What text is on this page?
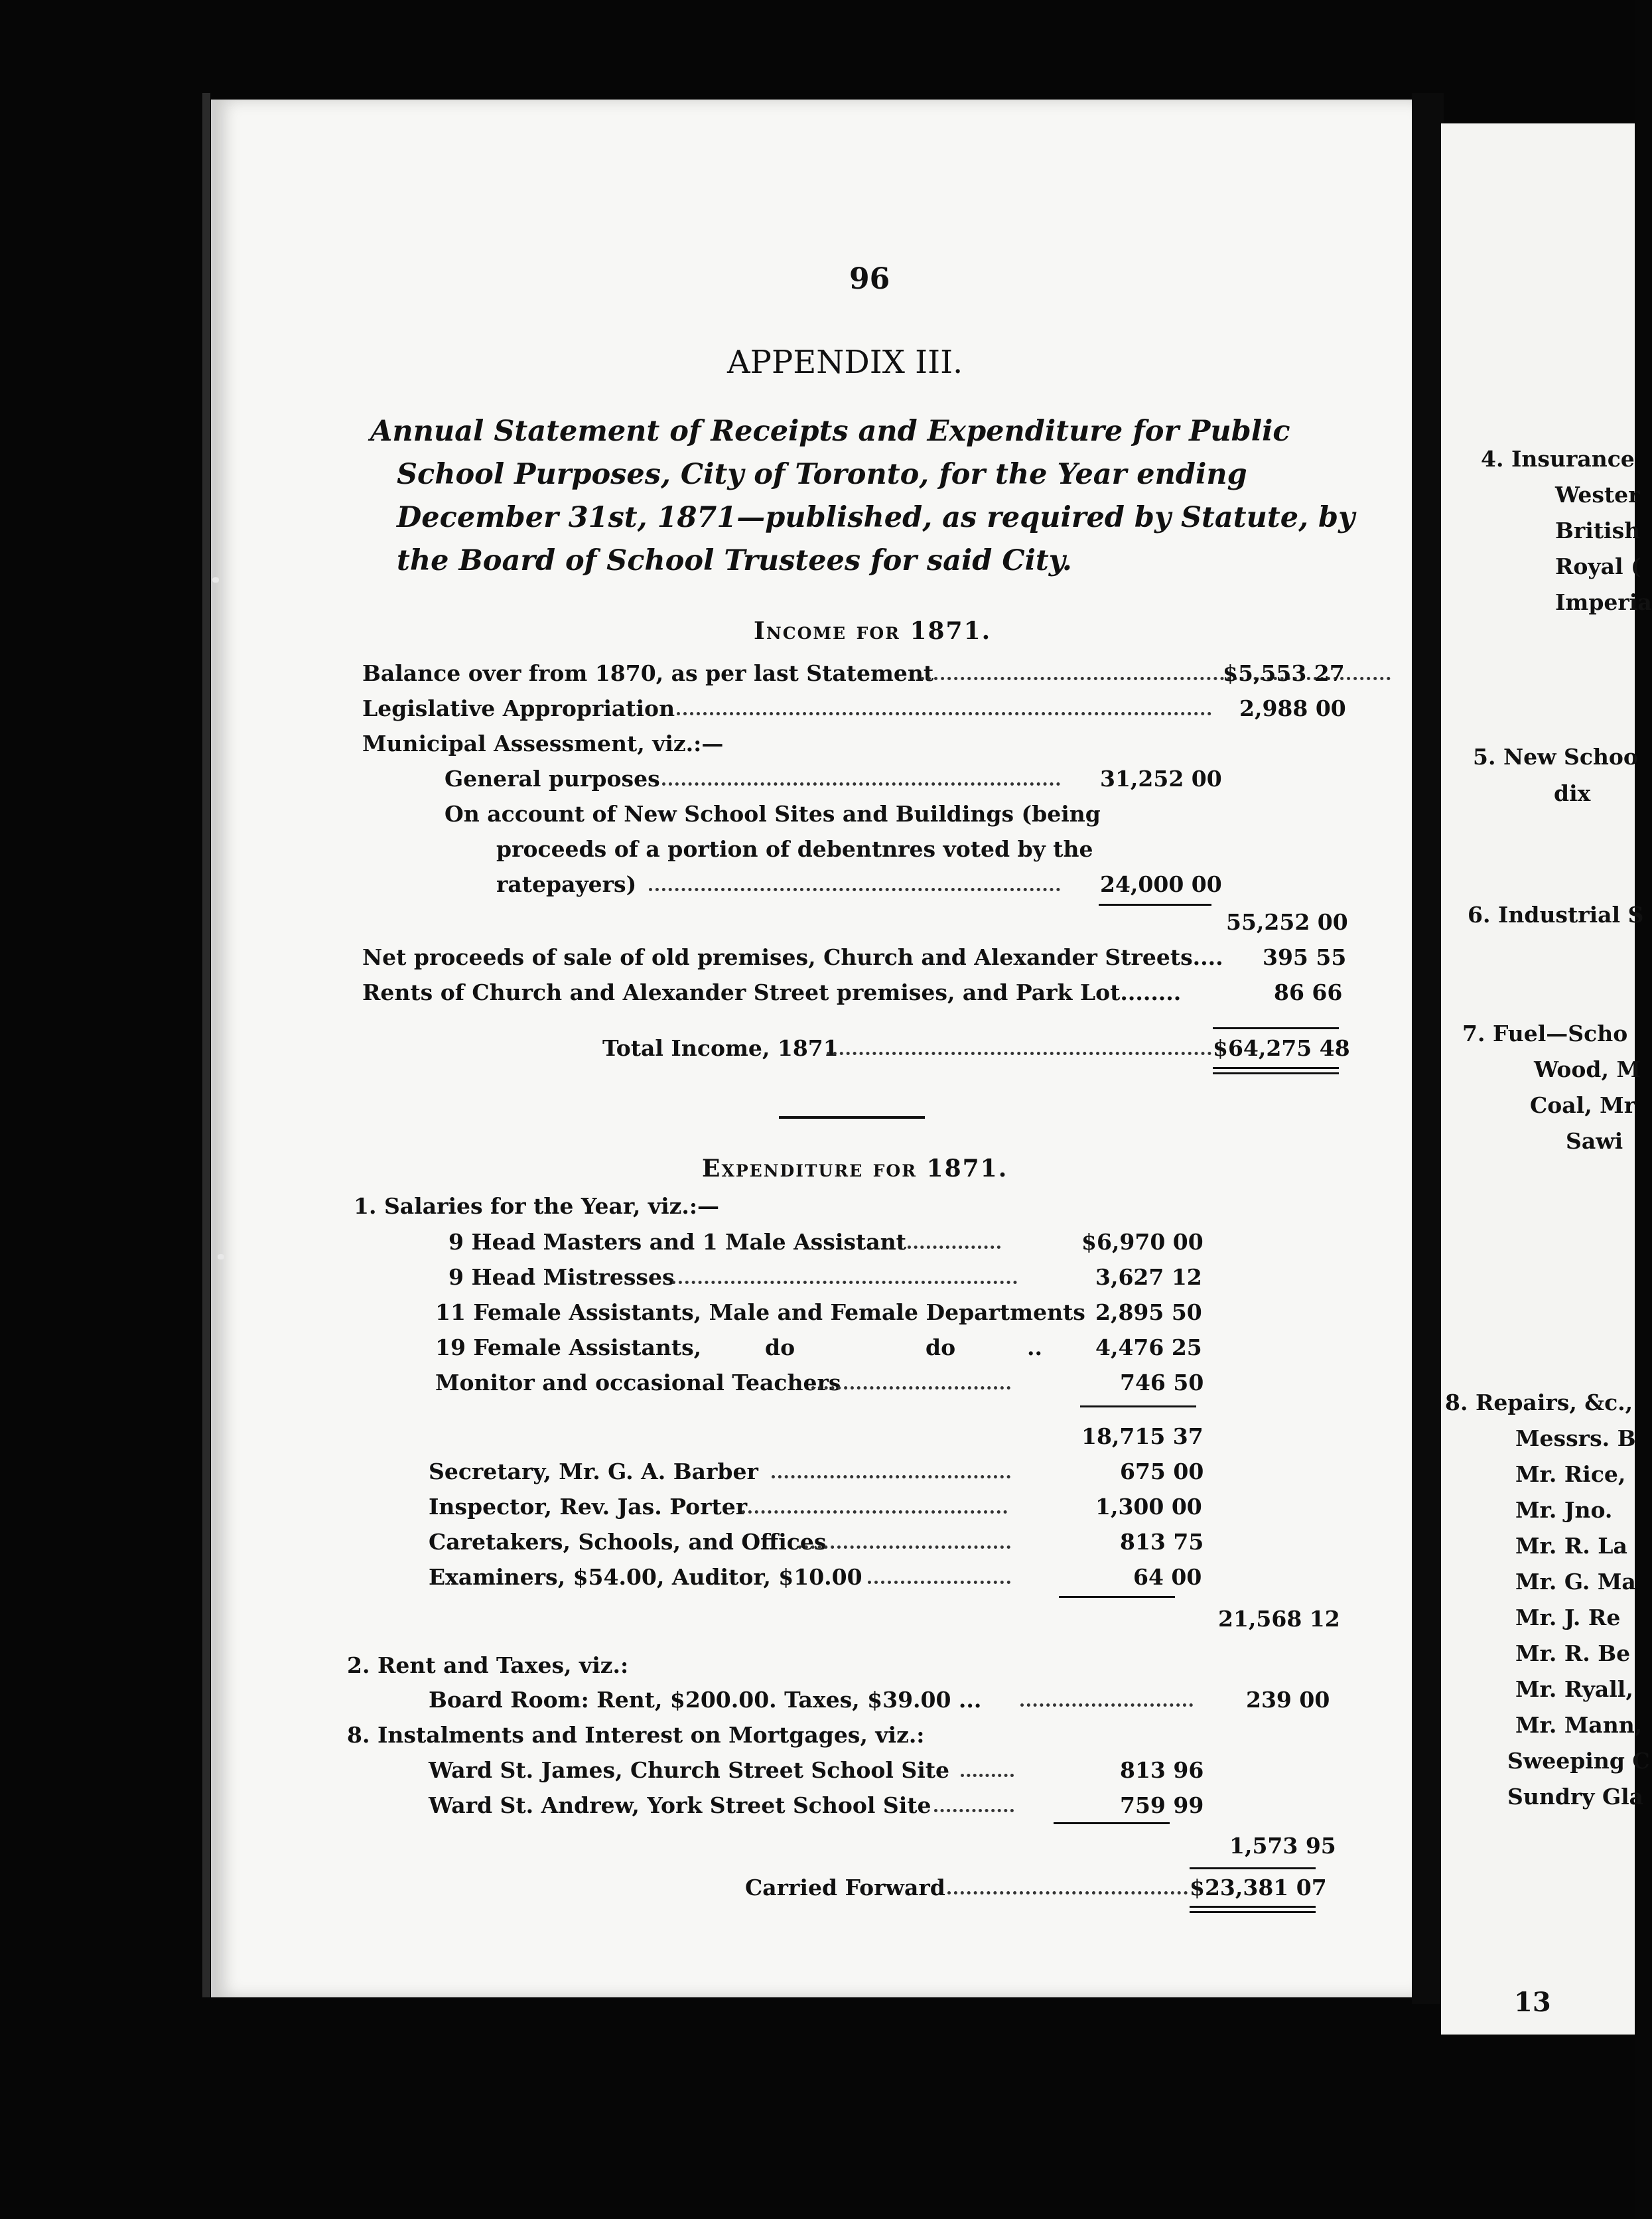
96
APPENDIX III.
Annual Statement of Receipts and Expenditure for Public
School Purposes, City of Toronto, for the Year ending
December 31st, 1871—published, as required by Statute, by
the Board of School Trustees for said City.
Income for 1871.
Balance over from 1870, as per last Statement	$5,553 27
Legislative Appropriation	2,988 00
Municipal Assessment, viz.:—
General purposes	31,252 00
On account of New School Sites and Buildings (being
proceeds of a portion of debentnres voted by the
ratepayers)	24,000 00
55,252 00
Net proceeds of sale of old premises, Church and Alexander Streets.... 395 55
Rents of Church and Alexander Street premises, and Park Lot........	86 66
Total Income, 1871	$64,275 48
Expenditure for 1871.
1. Salaries for the Year, viz.:—
9 Head Masters and 1 Male Assistant	$6,970 00
9 Head Mistresses	3,627 12
11 Female Assistants, Male and Female Departments 2,895 50
19 Female Assistants,	do	do	.. 4,476 25
Monitor and occasional Teachers	746 50
18,715 37
Secretary, Mr. G. A. Barber	675 00
Inspector, Rev. Jas. Porter	1,300 00
Caretakers, Schools, and Offices	813 75
Examiners, $54.00, Auditor, $10.00	64 00
21,568 12
2. Rent and Taxes, viz.:
Board Room: Rent, $200.00. Taxes, $39.00 ...	239 00
8. Instalments and Interest on Mortgages, viz.:
Ward St. James, Church Street School Site	813 96
Ward St. Andrew, York Street School Site	759 99
1,573 95
Carried Forward	$23,381 07
4. Insurance
Wester
British
Royal (
Imperia
5. New Schoo
dix
6. Industrial S
7. Fuel—Scho
Wood, M
Coal, Mr
Sawi
8. Repairs, &c.,
Messrs. B
Mr. Rice,
Mr. Jno.
Mr. R. La
Mr. G. Ma
Mr. J. Re
Mr. R. Be
Mr. Ryall,
Mr. Mann,
Sweeping C
Sundry Gla
13
